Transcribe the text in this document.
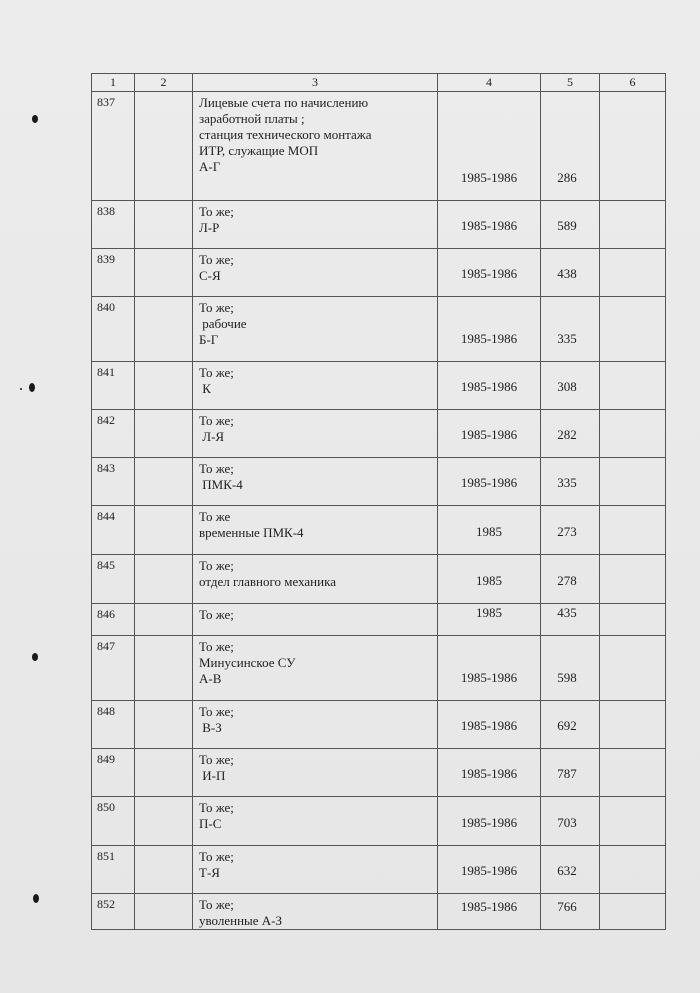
1	2	3	4	5	6
837		Лицевые счета по начислению
заработной платы ;
станция технического монтажа
ИТР, служащие МОП
А-Г	1985-1986	286	
838		То же;
Л-Р	1985-1986	589	
839		То же;
С-Я	1985-1986	438	
840		То же;
рабочие
Б-Г	1985-1986	335	
841		То же;
К	1985-1986	308	
842		То же;
Л-Я	1985-1986	282	
843		То же;
ПМК-4	1985-1986	335	
844		То же
временные ПМК-4	1985	273	
845		То же;
отдел главного механика	1985	278	
846		То же;	1985	435	
847		То же;
Минусинское СУ
А-В	1985-1986	598	
848		То же;
В-З	1985-1986	692	
849		То же;
И-П	1985-1986	787	
850		То же;
П-С	1985-1986	703	
851		То же;
Т-Я	1985-1986	632	
852		То же;
уволенные А-З	1985-1986	766	
